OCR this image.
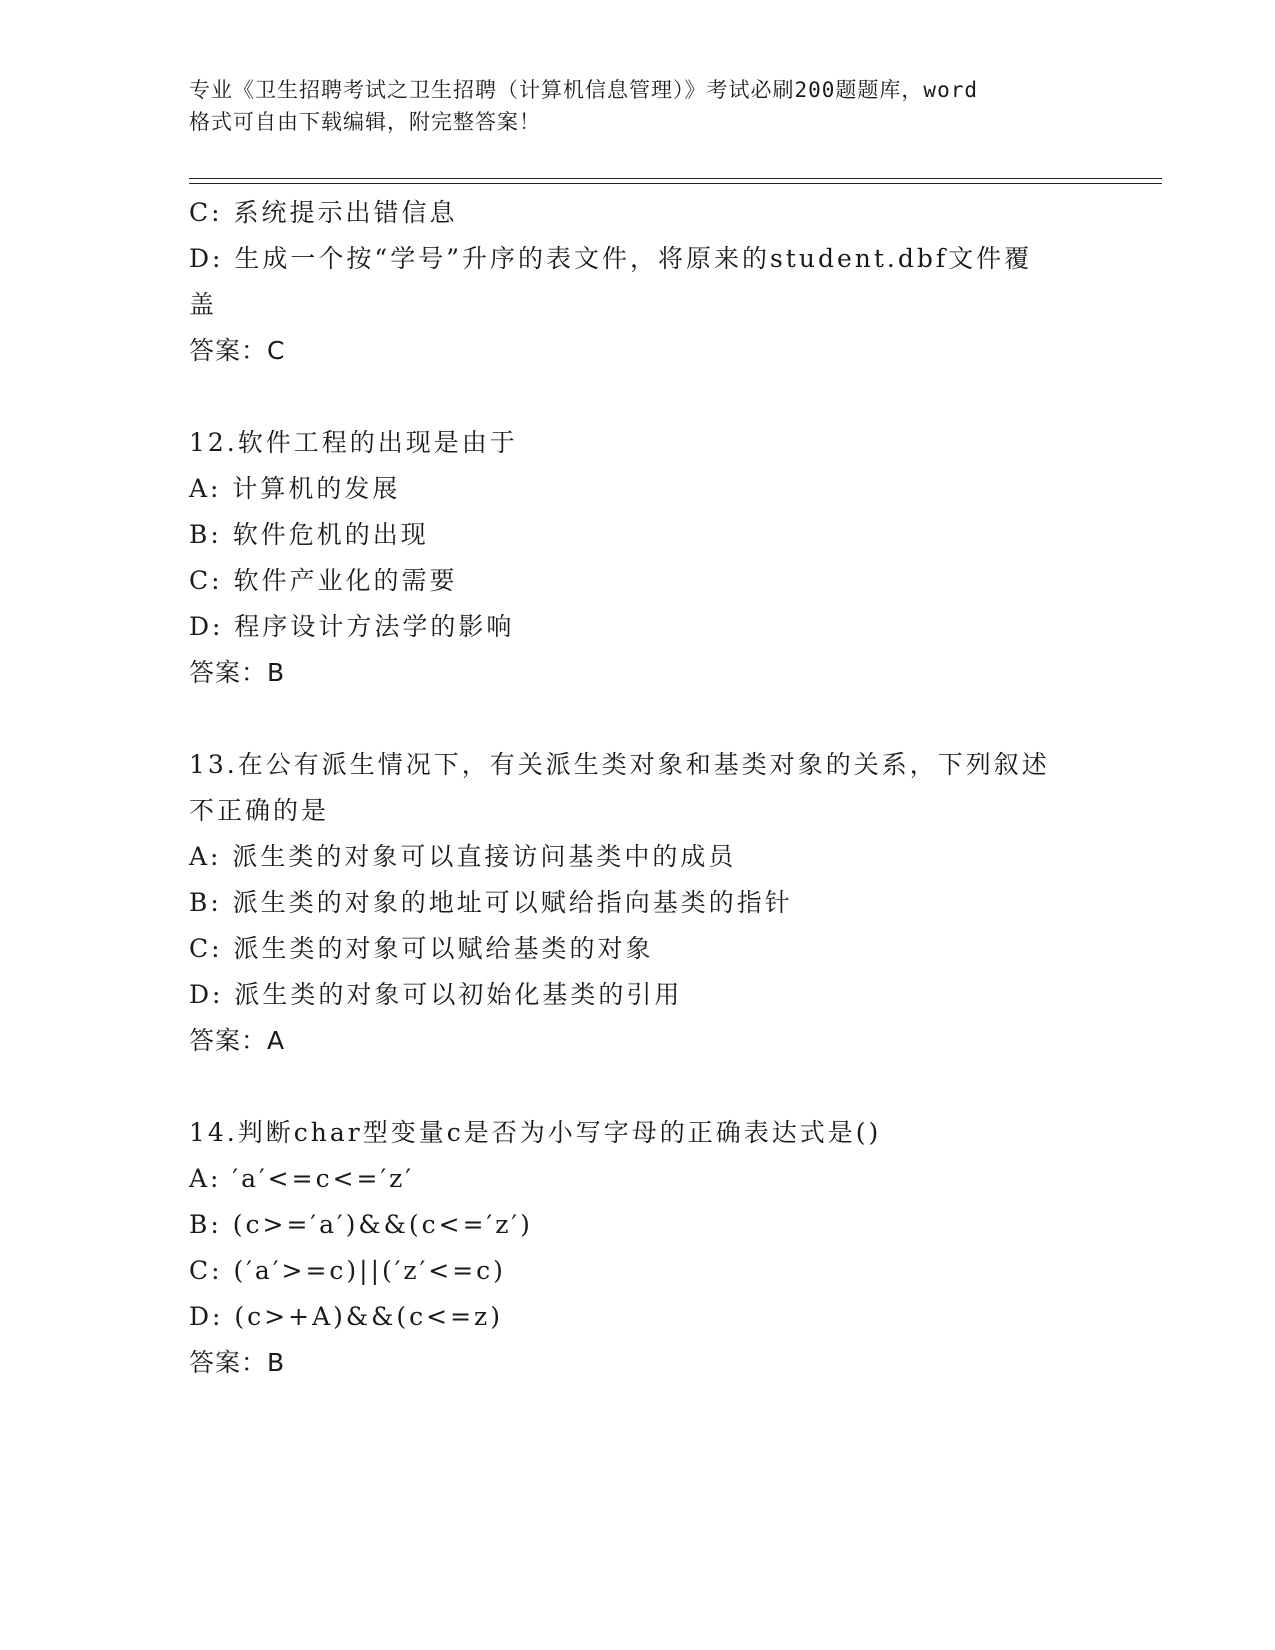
专业《卫生招聘考试之卫生招聘（计算机信息管理）》考试必刷200题题库，word
格式可自由下载编辑，附完整答案！
C: 系统提示出错信息
D: 生成一个按“学号”升序的表文件，将原来的student.dbf文件覆
盖
答案：C
12.软件工程的出现是由于
A: 计算机的发展
B: 软件危机的出现
C: 软件产业化的需要
D: 程序设计方法学的影响
答案：B
13.在公有派生情况下，有关派生类对象和基类对象的关系，下列叙述
不正确的是
A: 派生类的对象可以直接访问基类中的成员
B: 派生类的对象的地址可以赋给指向基类的指针
C: 派生类的对象可以赋给基类的对象
D: 派生类的对象可以初始化基类的引用
答案：A
14.判断char型变量c是否为小写字母的正确表达式是()
A: ′a′<=c<=′z′
B: (c>=′a′)&&(c<=′z′)
C: (′a′>=c)||(′z′<=c)
D: (c>+A)&&(c<=z)
答案：B
